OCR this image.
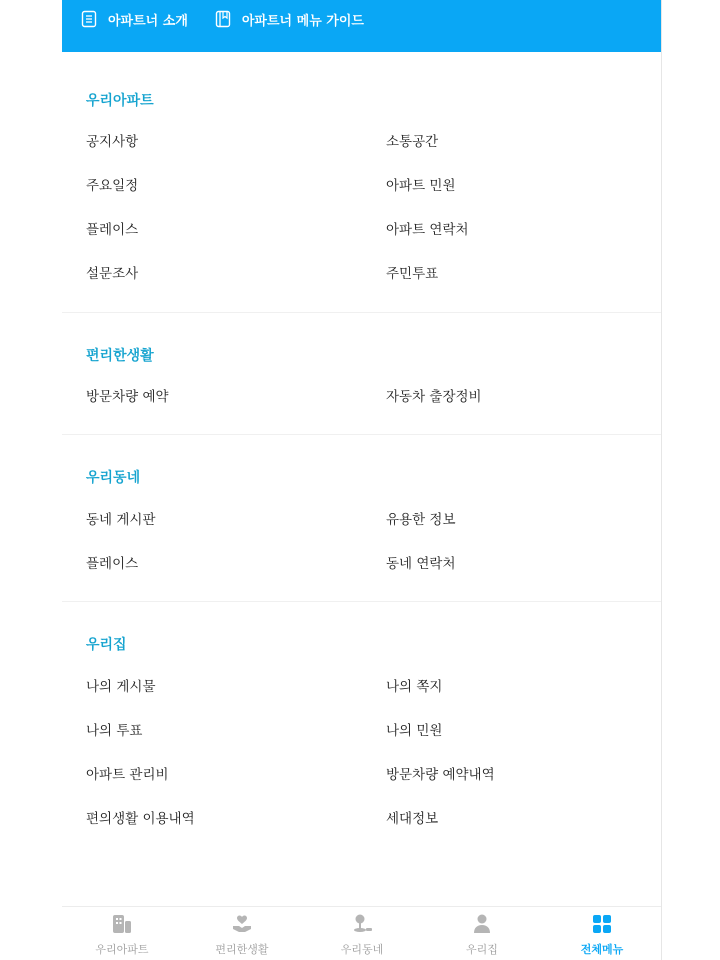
아파트너 소개	아파트너 메뉴 가이드
우리아파트
공지사항	소통공간
주요일정	아파트 민원
플레이스	아파트 연락처
설문조사	주민투표
편리한생활
방문차량 예약	자동차 출장정비
우리동네
동네 게시판	유용한 정보
플레이스	동네 연락처
우리집
나의 게시물	나의 쪽지
나의 투표	나의 민원
아파트 관리비	방문차량 예약내역
편의생활 이용내역	세대정보
우리아파트	편리한생활	우리동네	우리집	전체메뉴
